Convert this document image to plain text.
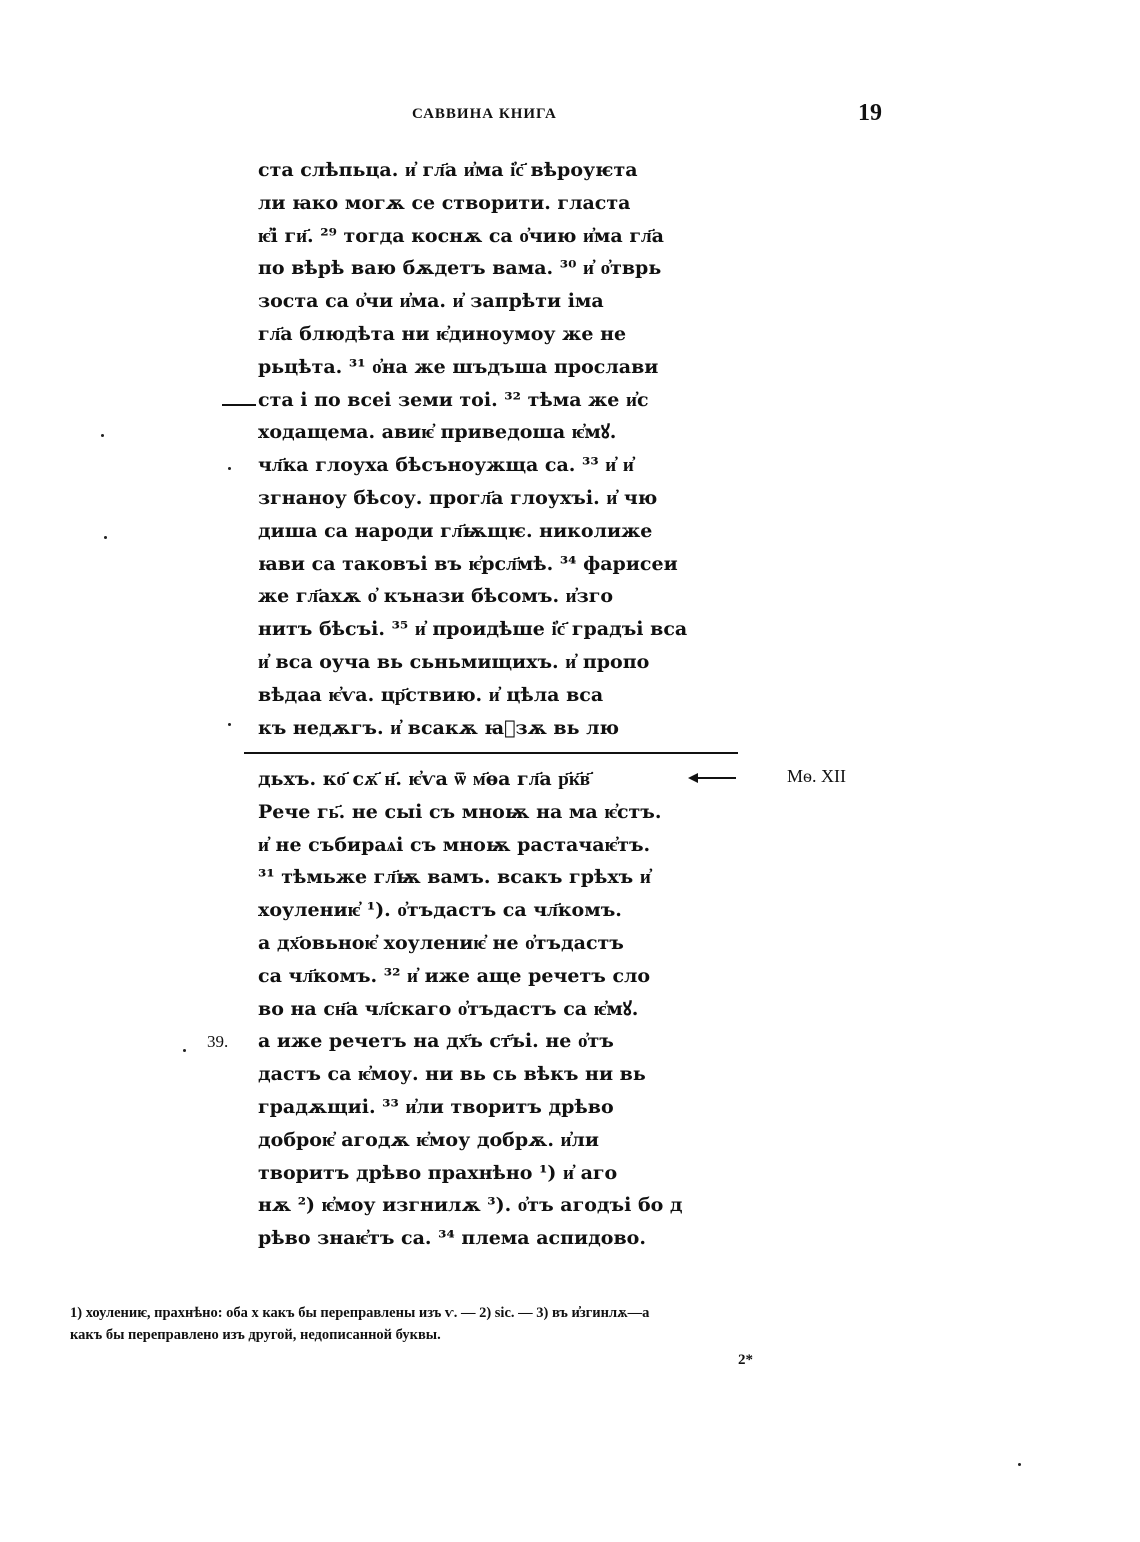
САВВИНА КНИГА	19
ста слѣпьца. и҆ гл҃а и҆ма і҆с҃ вѣроуѥта
ли ꙗко могѫ се створити. гласта
ѥ҆і ги҃. ²⁹ тогда коснѫ са о҆чию и҆ма гл҃а
по вѣрѣ ваю бѫдетъ вама. ³⁰ и҆ о҆тврь
зоста са о҆чи и҆ма. и҆ запрѣти іма
гл҃а блюдѣта ни ѥ҆диноумоу же не
рьцѣта. ³¹ о҆на же шъдъша прослави
ста і по всеі земи тоі. ³² тѣма же и҆с
ходащема. авиѥ҆ приведоша ѥ҆мꙋ.
чл҃ка глоухa бѣсъноужща са. ³³ и҆ и҆
згнаноу бѣсоу. прогл҃а глоухъі. и҆ чю
диша са народи гл҃ѭщѥ. николиже
ꙗви са таковъі въ ѥ҆рсл҃мѣ. ³⁴ фарисеи
же гл҃ахѫ о҆ кънази бѣсомъ. и҆зго
нитъ бѣсъі. ³⁵ и҆ проидѣше і҆с҃ градъі вса
и҆ вса оуча вь сьньмищихъ. и҆ пропо
вѣдаа ѥ҆ѵа. цр҃ствию. и҆ цѣла вса
къ недѫгъ. и҆ всакѫ ꙗ҆зѫ вь лю
дьхъ. ко҃ сѫ҃ н҃. ѥ҆ѵа ѿ м҃ѳа гл҃а р҃к҃в҃
Рече гь҃. не сыі съ мноѭ на ма ѥ҆стъ.
и҆ не събираѧі съ мноѭ растачаѥ҆тъ.
³¹ тѣмьже гл҃ѭ вамъ. всакъ грѣхъ и҆
хоулениѥ҆ ¹). о҆тъдастъ са чл҃комъ.
а дх҃овьноѥ҆ хоулениѥ҆ не о҆тъдастъ
са чл҃комъ. ³² и҆ иже аще речетъ сло
во на сн҃а чл҃скаго о҆тъдастъ са ѥ҆мꙋ.
а иже речетъ на дх҃ъ ст҃ъі. не о҆тъ
дастъ са ѥ҆моу. ни вь сь вѣкъ ни вь
градѫщиі. ³³ и҆ли творитъ дрѣво
доброѥ҆ агодѫ ѥ҆моу добрѫ. и҆ли
творитъ дрѣво прахнѣно ¹) и҆ аго
нѫ ²) ѥ҆моу изгнилѫ ³). о҆тъ агодъі бо д
рѣво знаѥ҆тъ са. ³⁴ племa аспидово.
Мѳ. XII
39.
1) хоулениѥ, прахнѣно: оба х какъ бы переправлены изъ ѵ. — 2) sic. — 3) въ и҆згинлѫ—а
какъ бы переправлено изъ другой, недописанной буквы.
2*
